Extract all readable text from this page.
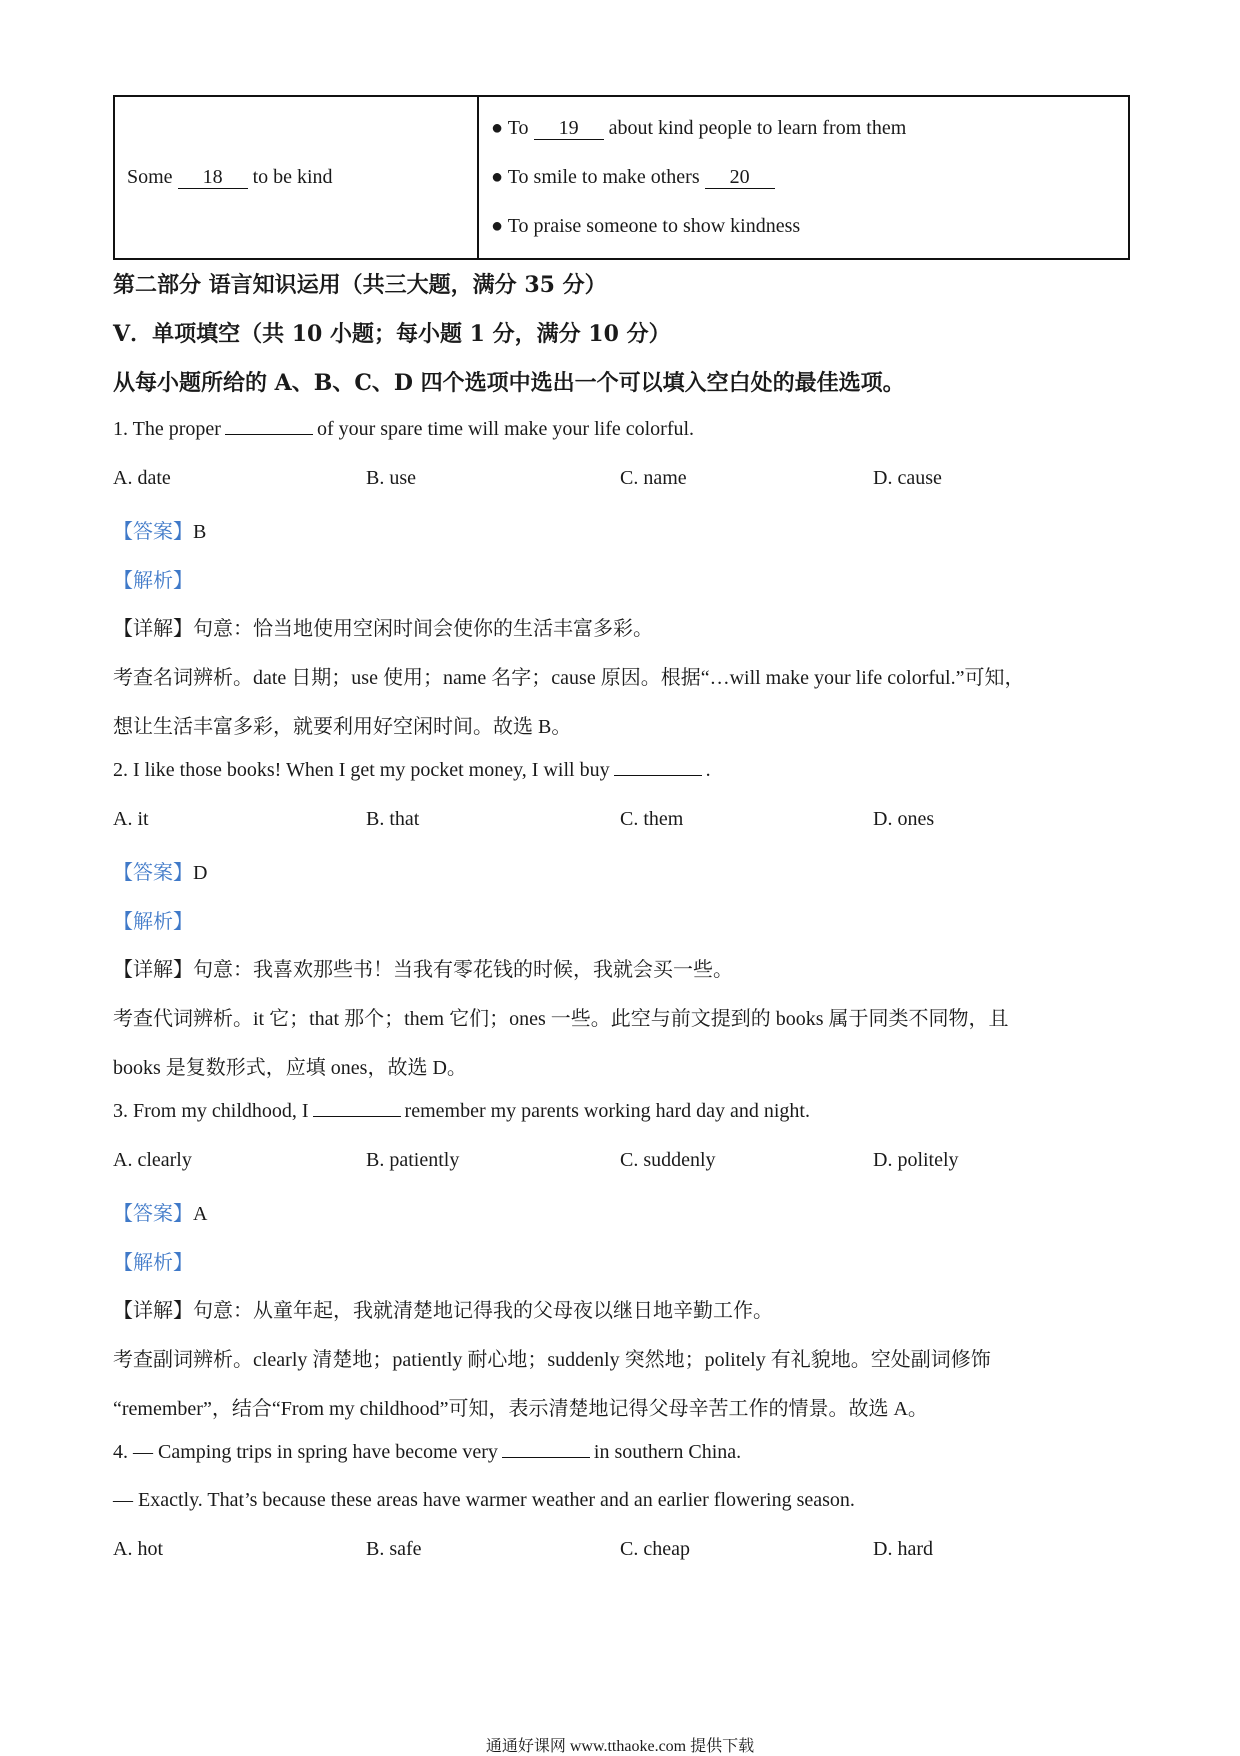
Some 18 to be kind	
● To 19 about kind people to learn from them
● To smile to make others 20
● To praise someone to show kindness
第二部分 语言知识运用（共三大题，满分 35 分）
V．单项填空（共 10 小题；每小题 1 分，满分 10 分）
从每小题所给的 A、B、C、D 四个选项中选出一个可以填入空白处的最佳选项。
1. The proper	of your spare time will make your life colorful.
A. date	B. use	C. name	D. cause
【答案】B
【解析】
【详解】句意：恰当地使用空闲时间会使你的生活丰富多彩。
考查名词辨析。date 日期；use 使用；name 名字；cause 原因。根据“…will make your life colorful.”可知，
想让生活丰富多彩，就要利用好空闲时间。故选 B。
2. I like those books! When I get my pocket money, I will buy	.
A. it	B. that	C. them	D. ones
【答案】D
【解析】
【详解】句意：我喜欢那些书！当我有零花钱的时候，我就会买一些。
考查代词辨析。it 它；that 那个；them 它们；ones 一些。此空与前文提到的 books 属于同类不同物，且
books 是复数形式，应填 ones，故选 D。
3. From my childhood, I	remember my parents working hard day and night.
A. clearly	B. patiently	C. suddenly	D. politely
【答案】A
【解析】
【详解】句意：从童年起，我就清楚地记得我的父母夜以继日地辛勤工作。
考查副词辨析。clearly 清楚地；patiently 耐心地；suddenly 突然地；politely 有礼貌地。空处副词修饰
“remember”，结合“From my childhood”可知，表示清楚地记得父母辛苦工作的情景。故选 A。
4. — Camping trips in spring have become very	in southern China.
— Exactly. That’s because these areas have warmer weather and an earlier flowering season.
A. hot	B. safe	C. cheap	D. hard
通通好课网 www.tthaoke.com 提供下载
